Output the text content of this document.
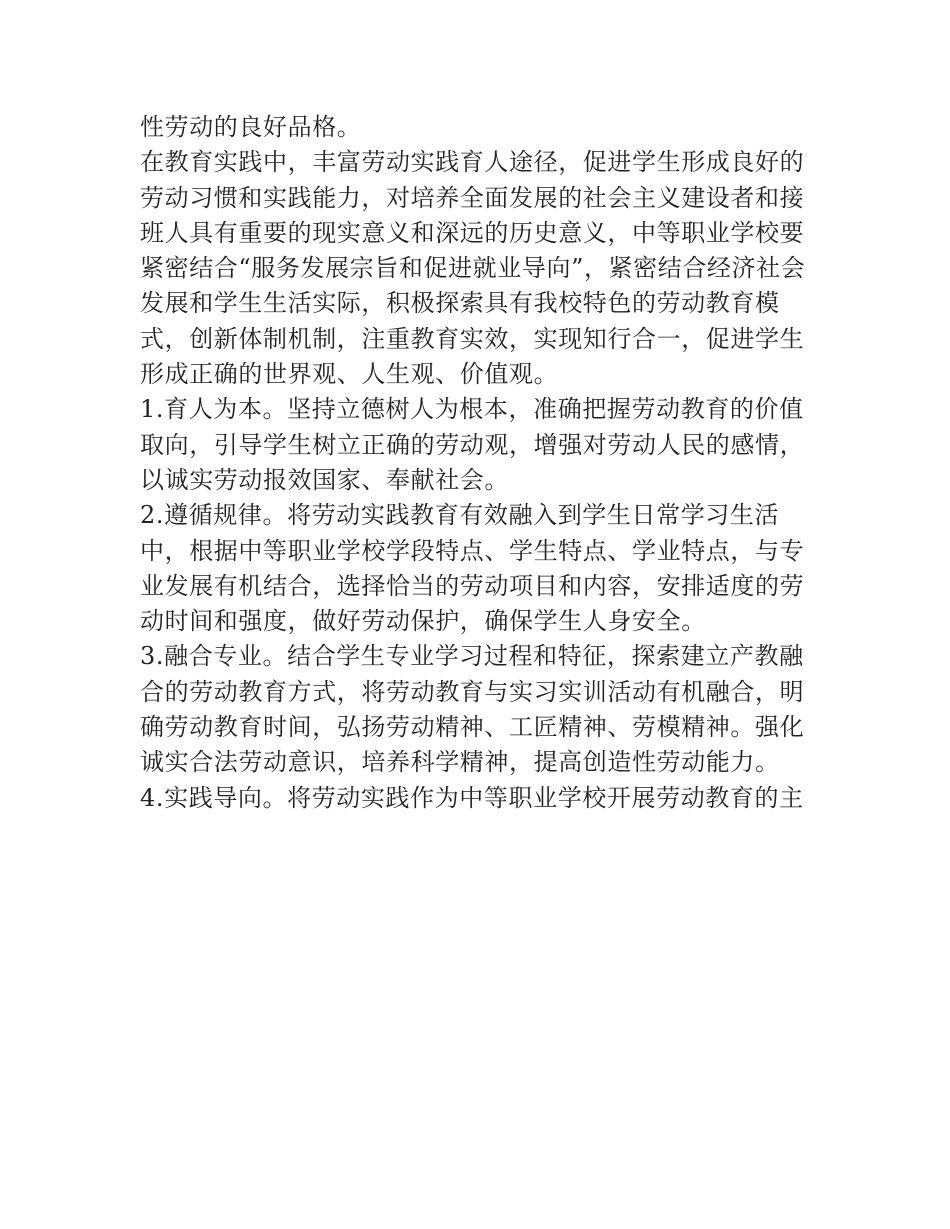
性劳动的良好品格。
在教育实践中，丰富劳动实践育人途径，促进学生形成良好的
劳动习惯和实践能力，对培养全面发展的社会主义建设者和接
班人具有重要的现实意义和深远的历史意义，中等职业学校要
紧密结合“服务发展宗旨和促进就业导向”，紧密结合经济社会
发展和学生生活实际，积极探索具有我校特色的劳动教育模
式，创新体制机制，注重教育实效，实现知行合一，促进学生
形成正确的世界观、人生观、价值观。
1.育人为本。坚持立德树人为根本，准确把握劳动教育的价值
取向，引导学生树立正确的劳动观，增强对劳动人民的感情，
以诚实劳动报效国家、奉献社会。
2.遵循规律。将劳动实践教育有效融入到学生日常学习生活
中，根据中等职业学校学段特点、学生特点、学业特点，与专
业发展有机结合，选择恰当的劳动项目和内容，安排适度的劳
动时间和强度，做好劳动保护，确保学生人身安全。
3.融合专业。结合学生专业学习过程和特征，探索建立产教融
合的劳动教育方式，将劳动教育与实习实训活动有机融合，明
确劳动教育时间，弘扬劳动精神、工匠精神、劳模精神。强化
诚实合法劳动意识，培养科学精神，提高创造性劳动能力。
4.实践导向。将劳动实践作为中等职业学校开展劳动教育的主
